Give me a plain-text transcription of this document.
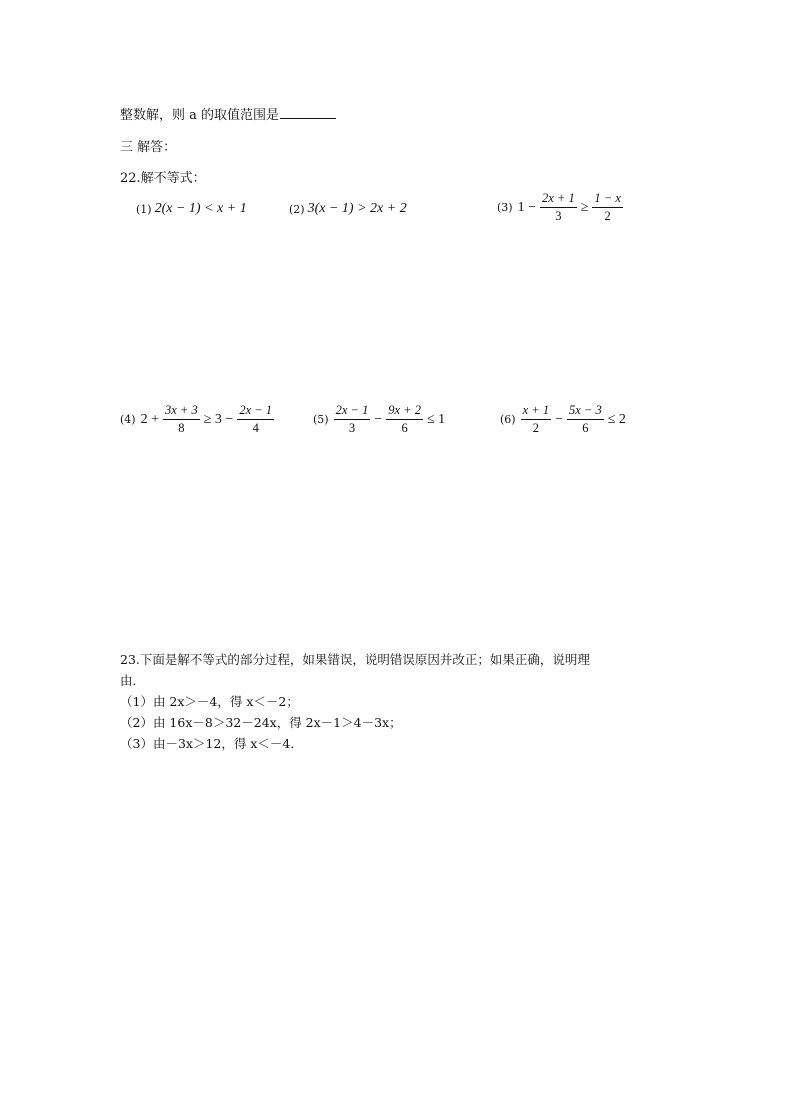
整数解，则 a 的取值范围是
三 解答：
22.解不等式：
(1) 2(x − 1) < x + 1	(2) 3(x − 1) > 2x + 2	(3) $1 - \frac{2x + 1}{3} \ge \frac{1 - x}{2}$
(4) $2 + \frac{3x + 3}{8} \ge 3 - \frac{2x - 1}{4}$	$(5) \frac{2x - 1}{3} - \frac{9x + 2}{6} \le 1$	$(6) \frac{x + 1}{2} - \frac{5x - 3}{6} \le 2$
23.下面是解不等式的部分过程，如果错误，说明错误原因并改正；如果正确，说明理
由．
（1）由 2x＞－4，得 x＜－2；
（2）由 16x－8＞32－24x，得 2x－1＞4－3x；
（3）由－3x＞12，得 x＜－4．
